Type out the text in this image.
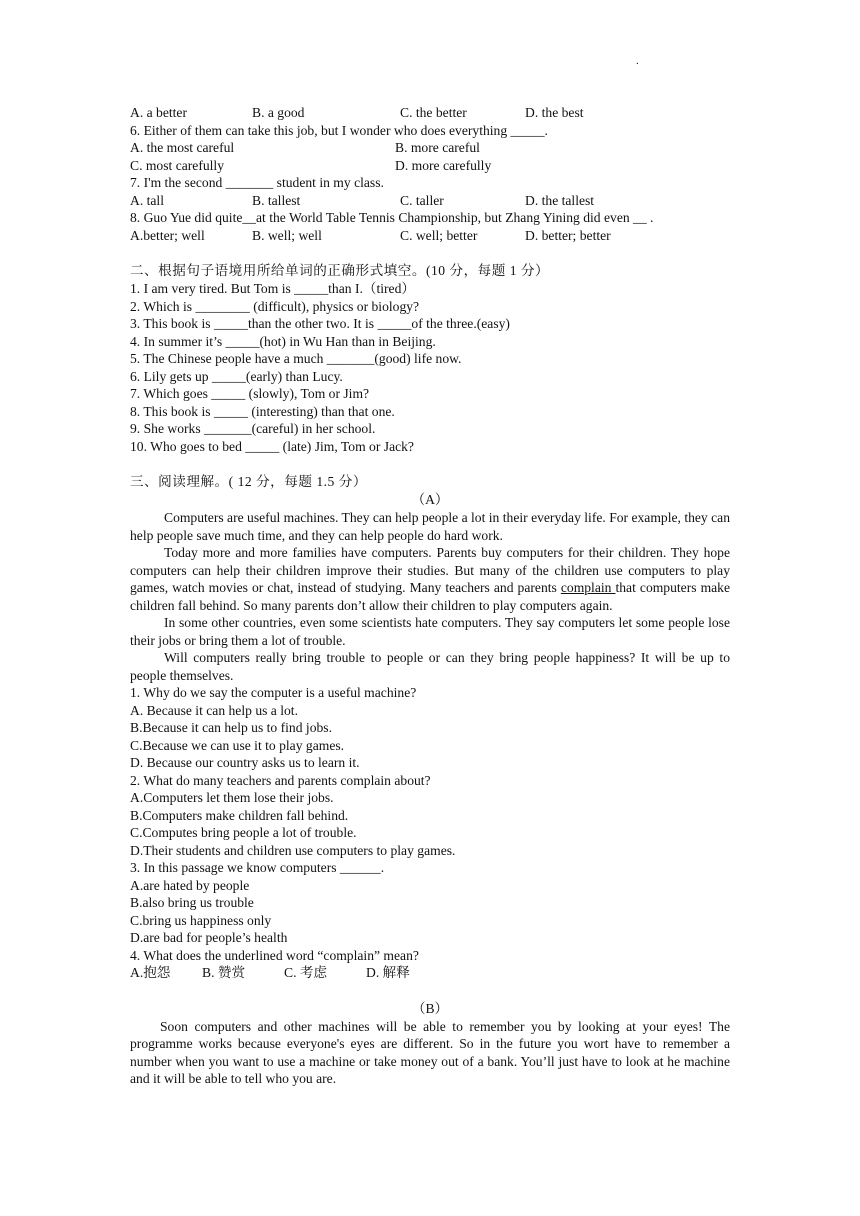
.
A. a better	B. a good	C. the better	D. the best
6. Either of them can take this job, but I wonder who does everything _____.
A. the most careful	B. more careful
C. most carefully	D. more carefully
7. I'm the second _______ student in my class.
A. tall	B. tallest	C. taller	D. the tallest
8. Guo Yue did quite__at the World Table Tennis Championship, but Zhang Yining did even __ .
A.better; well	B. well; well	C. well; better	D. better; better
二、根据句子语境用所给单词的正确形式填空。(10 分，每题 1 分）
1. I am very tired. But Tom is _____than I.（tired）
2. Which is ________ (difficult), physics or biology?
3. This book is _____than the other two. It is _____of the three.(easy)
4. In summer it’s _____(hot) in Wu Han than in Beijing.
5. The Chinese people have a much _______(good) life now.
6. Lily gets up _____(early) than Lucy.
7. Which goes _____ (slowly), Tom or Jim?
8. This book is _____ (interesting) than that one.
9. She works _______(careful) in her school.
10. Who goes to bed _____ (late) Jim, Tom or Jack?
三、阅读理解。( 12 分，每题 1.5 分）
（A）

Computers are useful machines. They can help people a lot in their everyday life. For example, they can help people save much time, and they can help people do hard work.

Today more and more families have computers. Parents buy computers for their children. They hope computers can help their children improve their studies. But many of the children use computers to play games, watch movies or chat, instead of studying. Many teachers and parents complain that computers make children fall behind. So many parents don’t allow their children to play computers again.

In some other countries, even some scientists hate computers. They say computers let some people lose their jobs or bring them a lot of trouble.

Will computers really bring trouble to people or can they bring people happiness? It will be up to people themselves.

1. Why do we say the computer is a useful machine?
A. Because it can help us a lot.
B.Because it can help us to find jobs.
C.Because we can use it to play games.
D. Because our country asks us to learn it.
2. What do many teachers and parents complain about?
A.Computers let them lose their jobs.
B.Computers make children fall behind.
C.Computes bring people a lot of trouble.
D.Their students and children use computers to play games.
3. In this passage we know computers ______.
A.are hated by people
B.also bring us trouble
C.bring us happiness only
D.are bad for people’s health
4. What does the underlined word “complain” mean?
A.抱怨 B. 赞赏	C. 考虑	D. 解释
（B）

Soon computers and other machines will be able to remember you by looking at your eyes! The programme works because everyone's eyes are different. So in the future you wort have to remember a number when you want to use a machine or take money out of a bank. You’ll just have to look at he machine and it will be able to tell who you are.
